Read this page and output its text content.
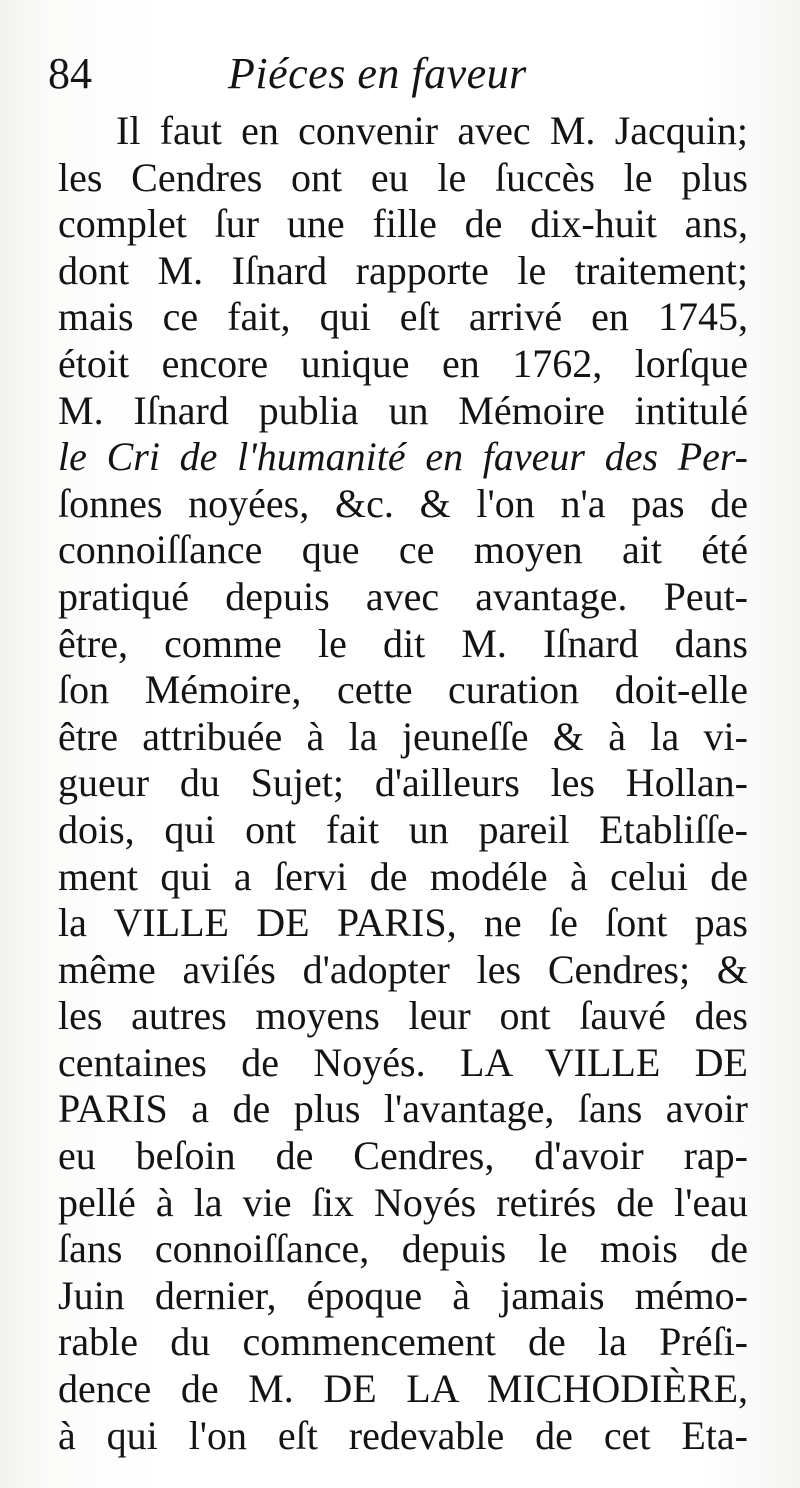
84	Piéces en faveur
Il faut en convenir avec M. Jacquin;
les Cendres ont eu le ſuccès le plus
complet ſur une fille de dix-huit ans,
dont M. Iſnard rapporte le traitement;
mais ce fait, qui eſt arrivé en 1745,
étoit encore unique en 1762, lorſque
M. Iſnard publia un Mémoire intitulé
le Cri de l'humanité en faveur des Per-
ſonnes noyées, &c. & l'on n'a pas de
connoiſſance que ce moyen ait été
pratiqué depuis avec avantage. Peut-
être, comme le dit M. Iſnard dans
ſon Mémoire, cette curation doit-elle
être attribuée à la jeuneſſe & à la vi-
gueur du Sujet; d'ailleurs les Hollan-
dois, qui ont fait un pareil Etabliſſe-
ment qui a ſervi de modéle à celui de
la VILLE DE PARIS, ne ſe ſont pas
même aviſés d'adopter les Cendres; &
les autres moyens leur ont ſauvé des
centaines de Noyés. LA VILLE DE
PARIS a de plus l'avantage, ſans avoir
eu beſoin de Cendres, d'avoir rap-
pellé à la vie ſix Noyés retirés de l'eau
ſans connoiſſance, depuis le mois de
Juin dernier, époque à jamais mémo-
rable du commencement de la Préſi-
dence de M. DE LA MICHODIÈRE,
à qui l'on eſt redevable de cet Eta-
